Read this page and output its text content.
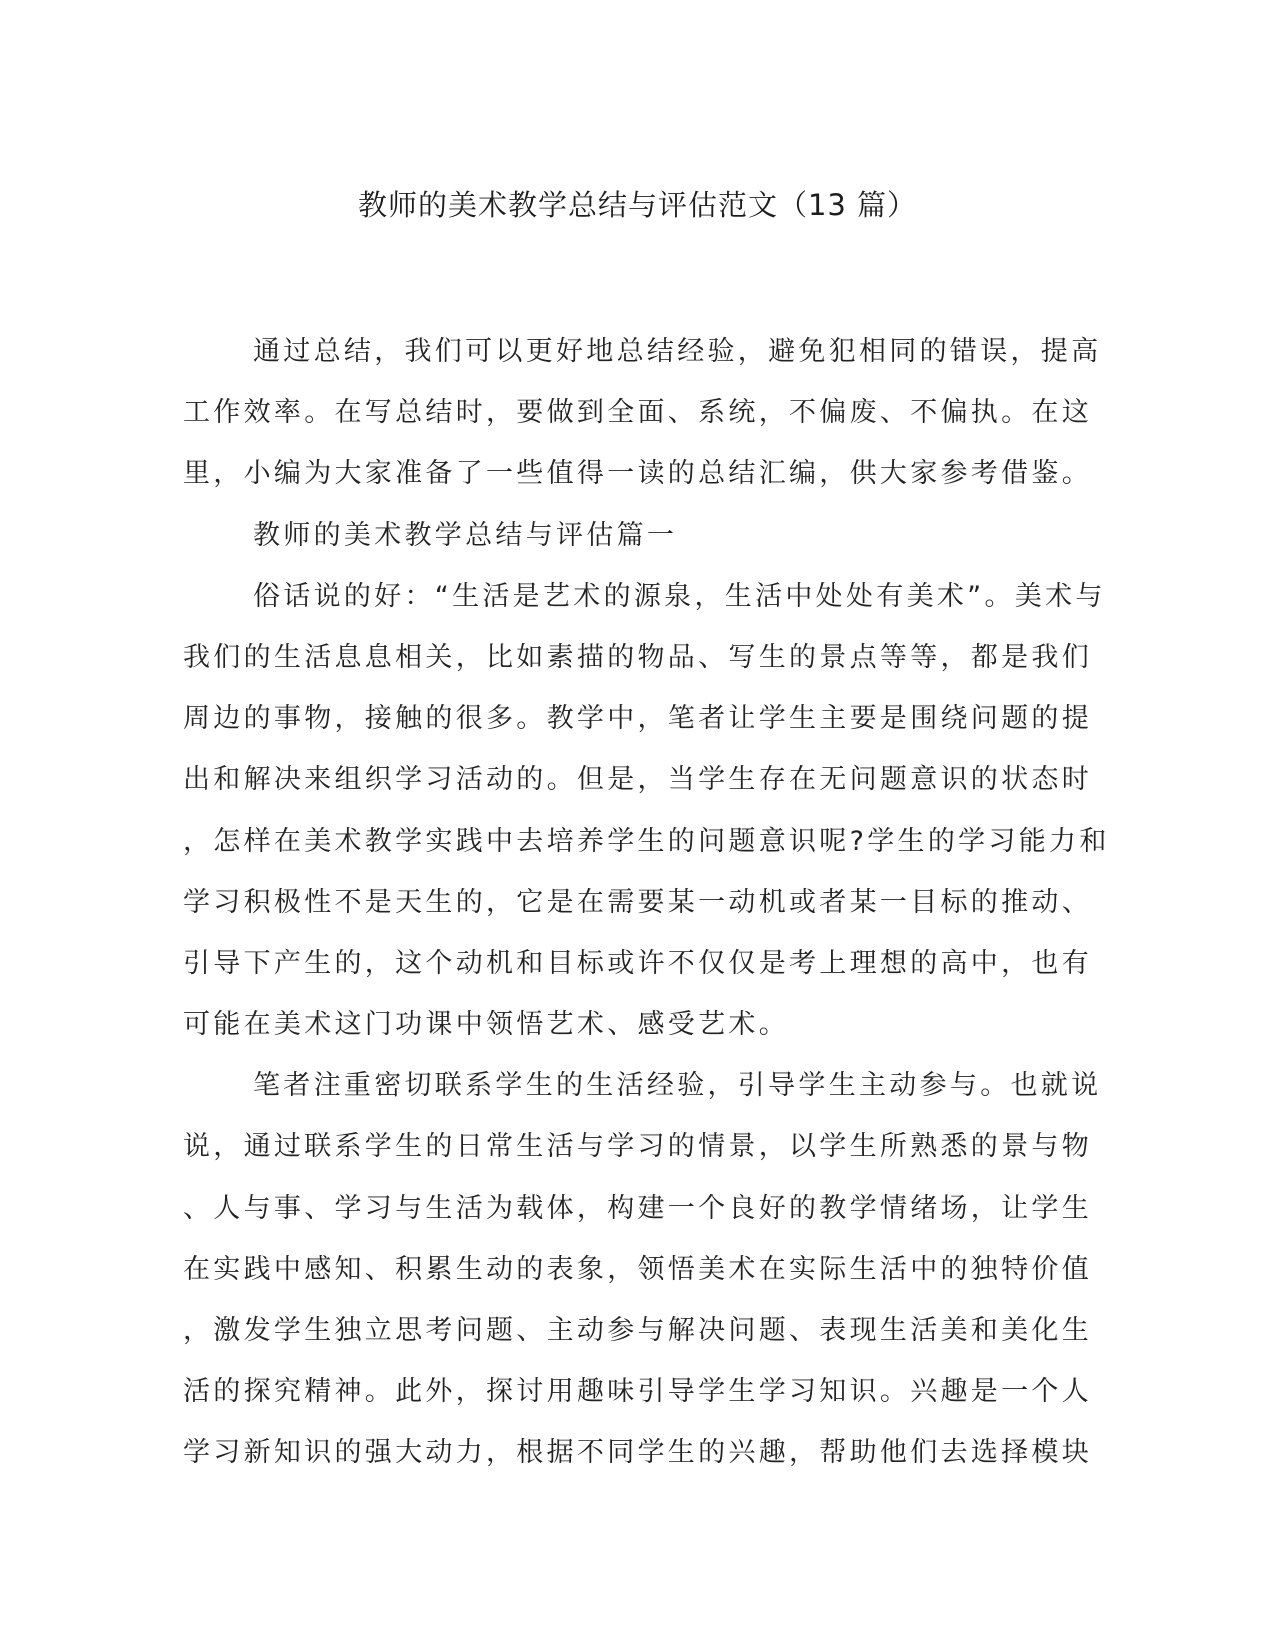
教师的美术教学总结与评估范文（13 篇）
通过总结，我们可以更好地总结经验，避免犯相同的错误，提高
工作效率。在写总结时，要做到全面、系统，不偏废、不偏执。在这
里，小编为大家准备了一些值得一读的总结汇编，供大家参考借鉴。
教师的美术教学总结与评估篇一
俗话说的好：“生活是艺术的源泉，生活中处处有美术”。美术与
我们的生活息息相关，比如素描的物品、写生的景点等等，都是我们
周边的事物，接触的很多。教学中，笔者让学生主要是围绕问题的提
出和解决来组织学习活动的。但是，当学生存在无问题意识的状态时
，怎样在美术教学实践中去培养学生的问题意识呢?学生的学习能力和
学习积极性不是天生的，它是在需要某一动机或者某一目标的推动、
引导下产生的，这个动机和目标或许不仅仅是考上理想的高中，也有
可能在美术这门功课中领悟艺术、感受艺术。
笔者注重密切联系学生的生活经验，引导学生主动参与。也就说
说，通过联系学生的日常生活与学习的情景，以学生所熟悉的景与物
、人与事、学习与生活为载体，构建一个良好的教学情绪场，让学生
在实践中感知、积累生动的表象，领悟美术在实际生活中的独特价值
，激发学生独立思考问题、主动参与解决问题、表现生活美和美化生
活的探究精神。此外，探讨用趣味引导学生学习知识。兴趣是一个人
学习新知识的强大动力，根据不同学生的兴趣，帮助他们去选择模块
